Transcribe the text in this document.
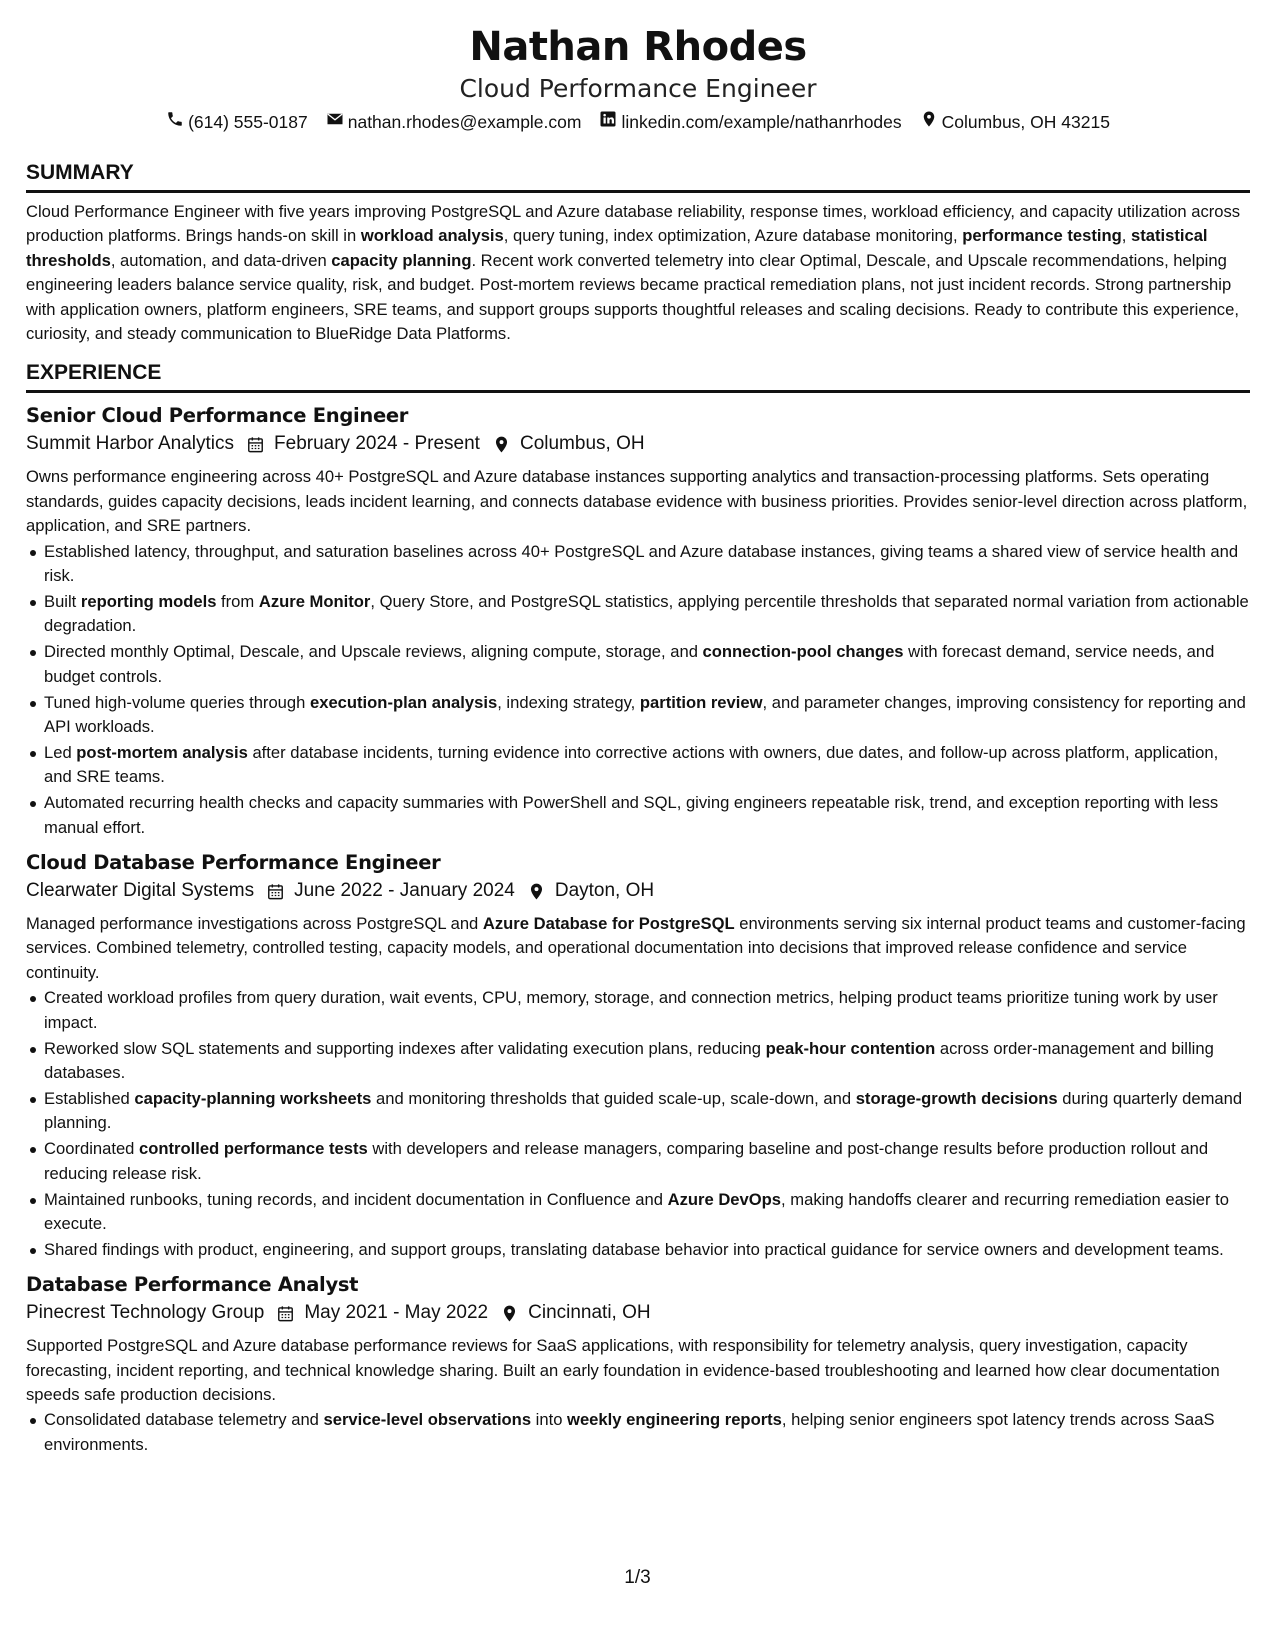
Nathan Rhodes
Cloud Performance Engineer
(614) 555-0187 nathan.rhodes@example.com linkedin.com/example/nathanrhodes Columbus, OH 43215
SUMMARY

Cloud Performance Engineer with five years improving PostgreSQL and Azure database reliability, response times, workload efficiency, and capacity utilization across production platforms. Brings hands-on skill in workload analysis, query tuning, index optimization, Azure database monitoring, performance testing, statistical thresholds, automation, and data-driven capacity planning. Recent work converted telemetry into clear Optimal, Descale, and Upscale recommendations, helping engineering leaders balance service quality, risk, and budget. Post-mortem reviews became practical remediation plans, not just incident records. Strong partnership with application owners, platform engineers, SRE teams, and support groups supports thoughtful releases and scaling decisions. Ready to contribute this experience, curiosity, and steady communication to BlueRidge Data Platforms.

EXPERIENCE
Senior Cloud Performance Engineer
Summit Harbor Analytics February 2024 - Present Columbus, OH

Owns performance engineering across 40+ PostgreSQL and Azure database instances supporting analytics and transaction-processing platforms. Sets operating standards, guides capacity decisions, leads incident learning, and connects database evidence with business priorities. Provides senior-level direction across platform, application, and SRE partners.

Established latency, throughput, and saturation baselines across 40+ PostgreSQL and Azure database instances, giving teams a shared view of service health and risk.
Built reporting models from Azure Monitor, Query Store, and PostgreSQL statistics, applying percentile thresholds that separated normal variation from actionable degradation.
Directed monthly Optimal, Descale, and Upscale reviews, aligning compute, storage, and connection-pool changes with forecast demand, service needs, and budget controls.
Tuned high-volume queries through execution-plan analysis, indexing strategy, partition review, and parameter changes, improving consistency for reporting and API workloads.
Led post-mortem analysis after database incidents, turning evidence into corrective actions with owners, due dates, and follow-up across platform, application, and SRE teams.
Automated recurring health checks and capacity summaries with PowerShell and SQL, giving engineers repeatable risk, trend, and exception reporting with less manual effort.
Cloud Database Performance Engineer
Clearwater Digital Systems June 2022 - January 2024 Dayton, OH

Managed performance investigations across PostgreSQL and Azure Database for PostgreSQL environments serving six internal product teams and customer-facing services. Combined telemetry, controlled testing, capacity models, and operational documentation into decisions that improved release confidence and service continuity.

Created workload profiles from query duration, wait events, CPU, memory, storage, and connection metrics, helping product teams prioritize tuning work by user impact.
Reworked slow SQL statements and supporting indexes after validating execution plans, reducing peak-hour contention across order-management and billing databases.
Established capacity-planning worksheets and monitoring thresholds that guided scale-up, scale-down, and storage-growth decisions during quarterly demand planning.
Coordinated controlled performance tests with developers and release managers, comparing baseline and post-change results before production rollout and reducing release risk.
Maintained runbooks, tuning records, and incident documentation in Confluence and Azure DevOps, making handoffs clearer and recurring remediation easier to execute.
Shared findings with product, engineering, and support groups, translating database behavior into practical guidance for service owners and development teams.
Database Performance Analyst
Pinecrest Technology Group May 2021 - May 2022 Cincinnati, OH

Supported PostgreSQL and Azure database performance reviews for SaaS applications, with responsibility for telemetry analysis, query investigation, capacity forecasting, incident reporting, and technical knowledge sharing. Built an early foundation in evidence-based troubleshooting and learned how clear documentation speeds safe production decisions.

Consolidated database telemetry and service-level observations into weekly engineering reports, helping senior engineers spot latency trends across SaaS environments.
1/3
